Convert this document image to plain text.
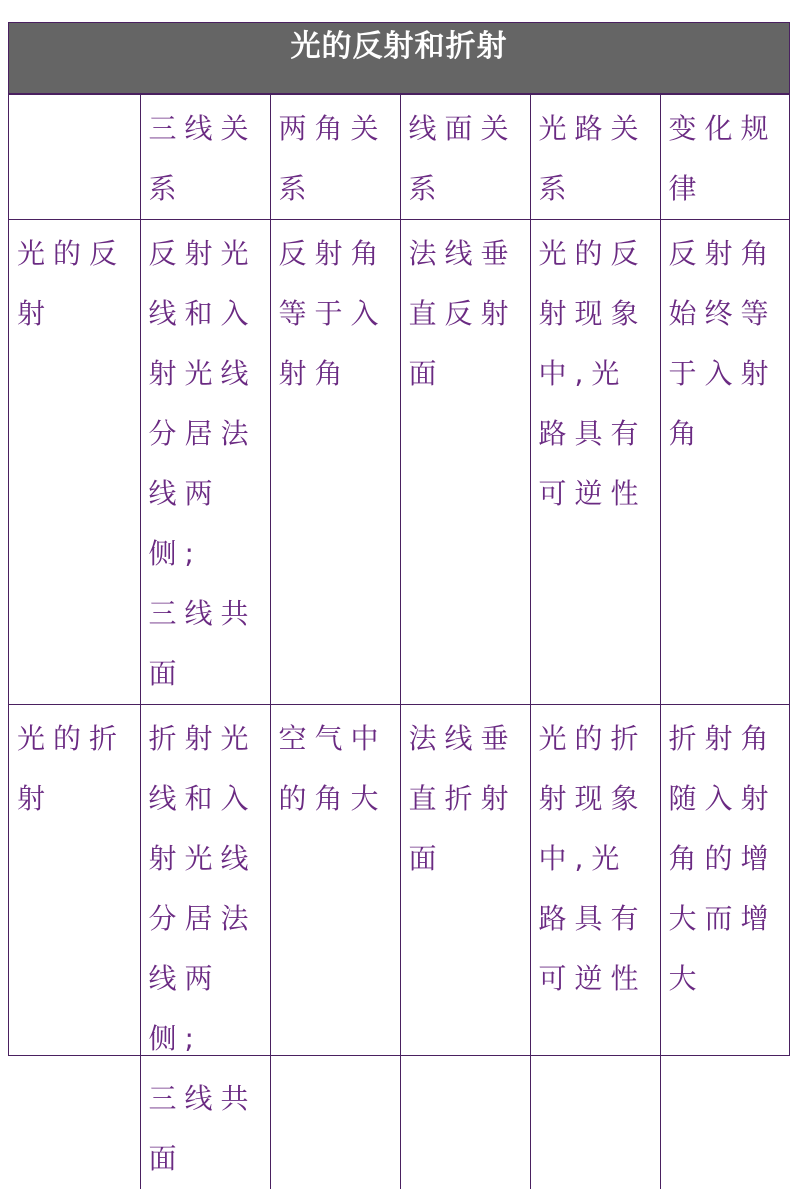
光的反射和折射

	三线关系	两角关系	线面关系	光路关系	变化规律

光的反射	反射光线和入射光线分居法
线两侧;
三线共面	反射角等于入射角	法线垂直反射面	光的反射现象中,光路具有可逆性	反射角始终等于入射角

光的折射	折射光线和入射光线分居法
线两侧;
三线共面	空气中的角大	法线垂直折射面	光的折射现象中,光路具有可逆性	折射角随入射角的增大而增大
